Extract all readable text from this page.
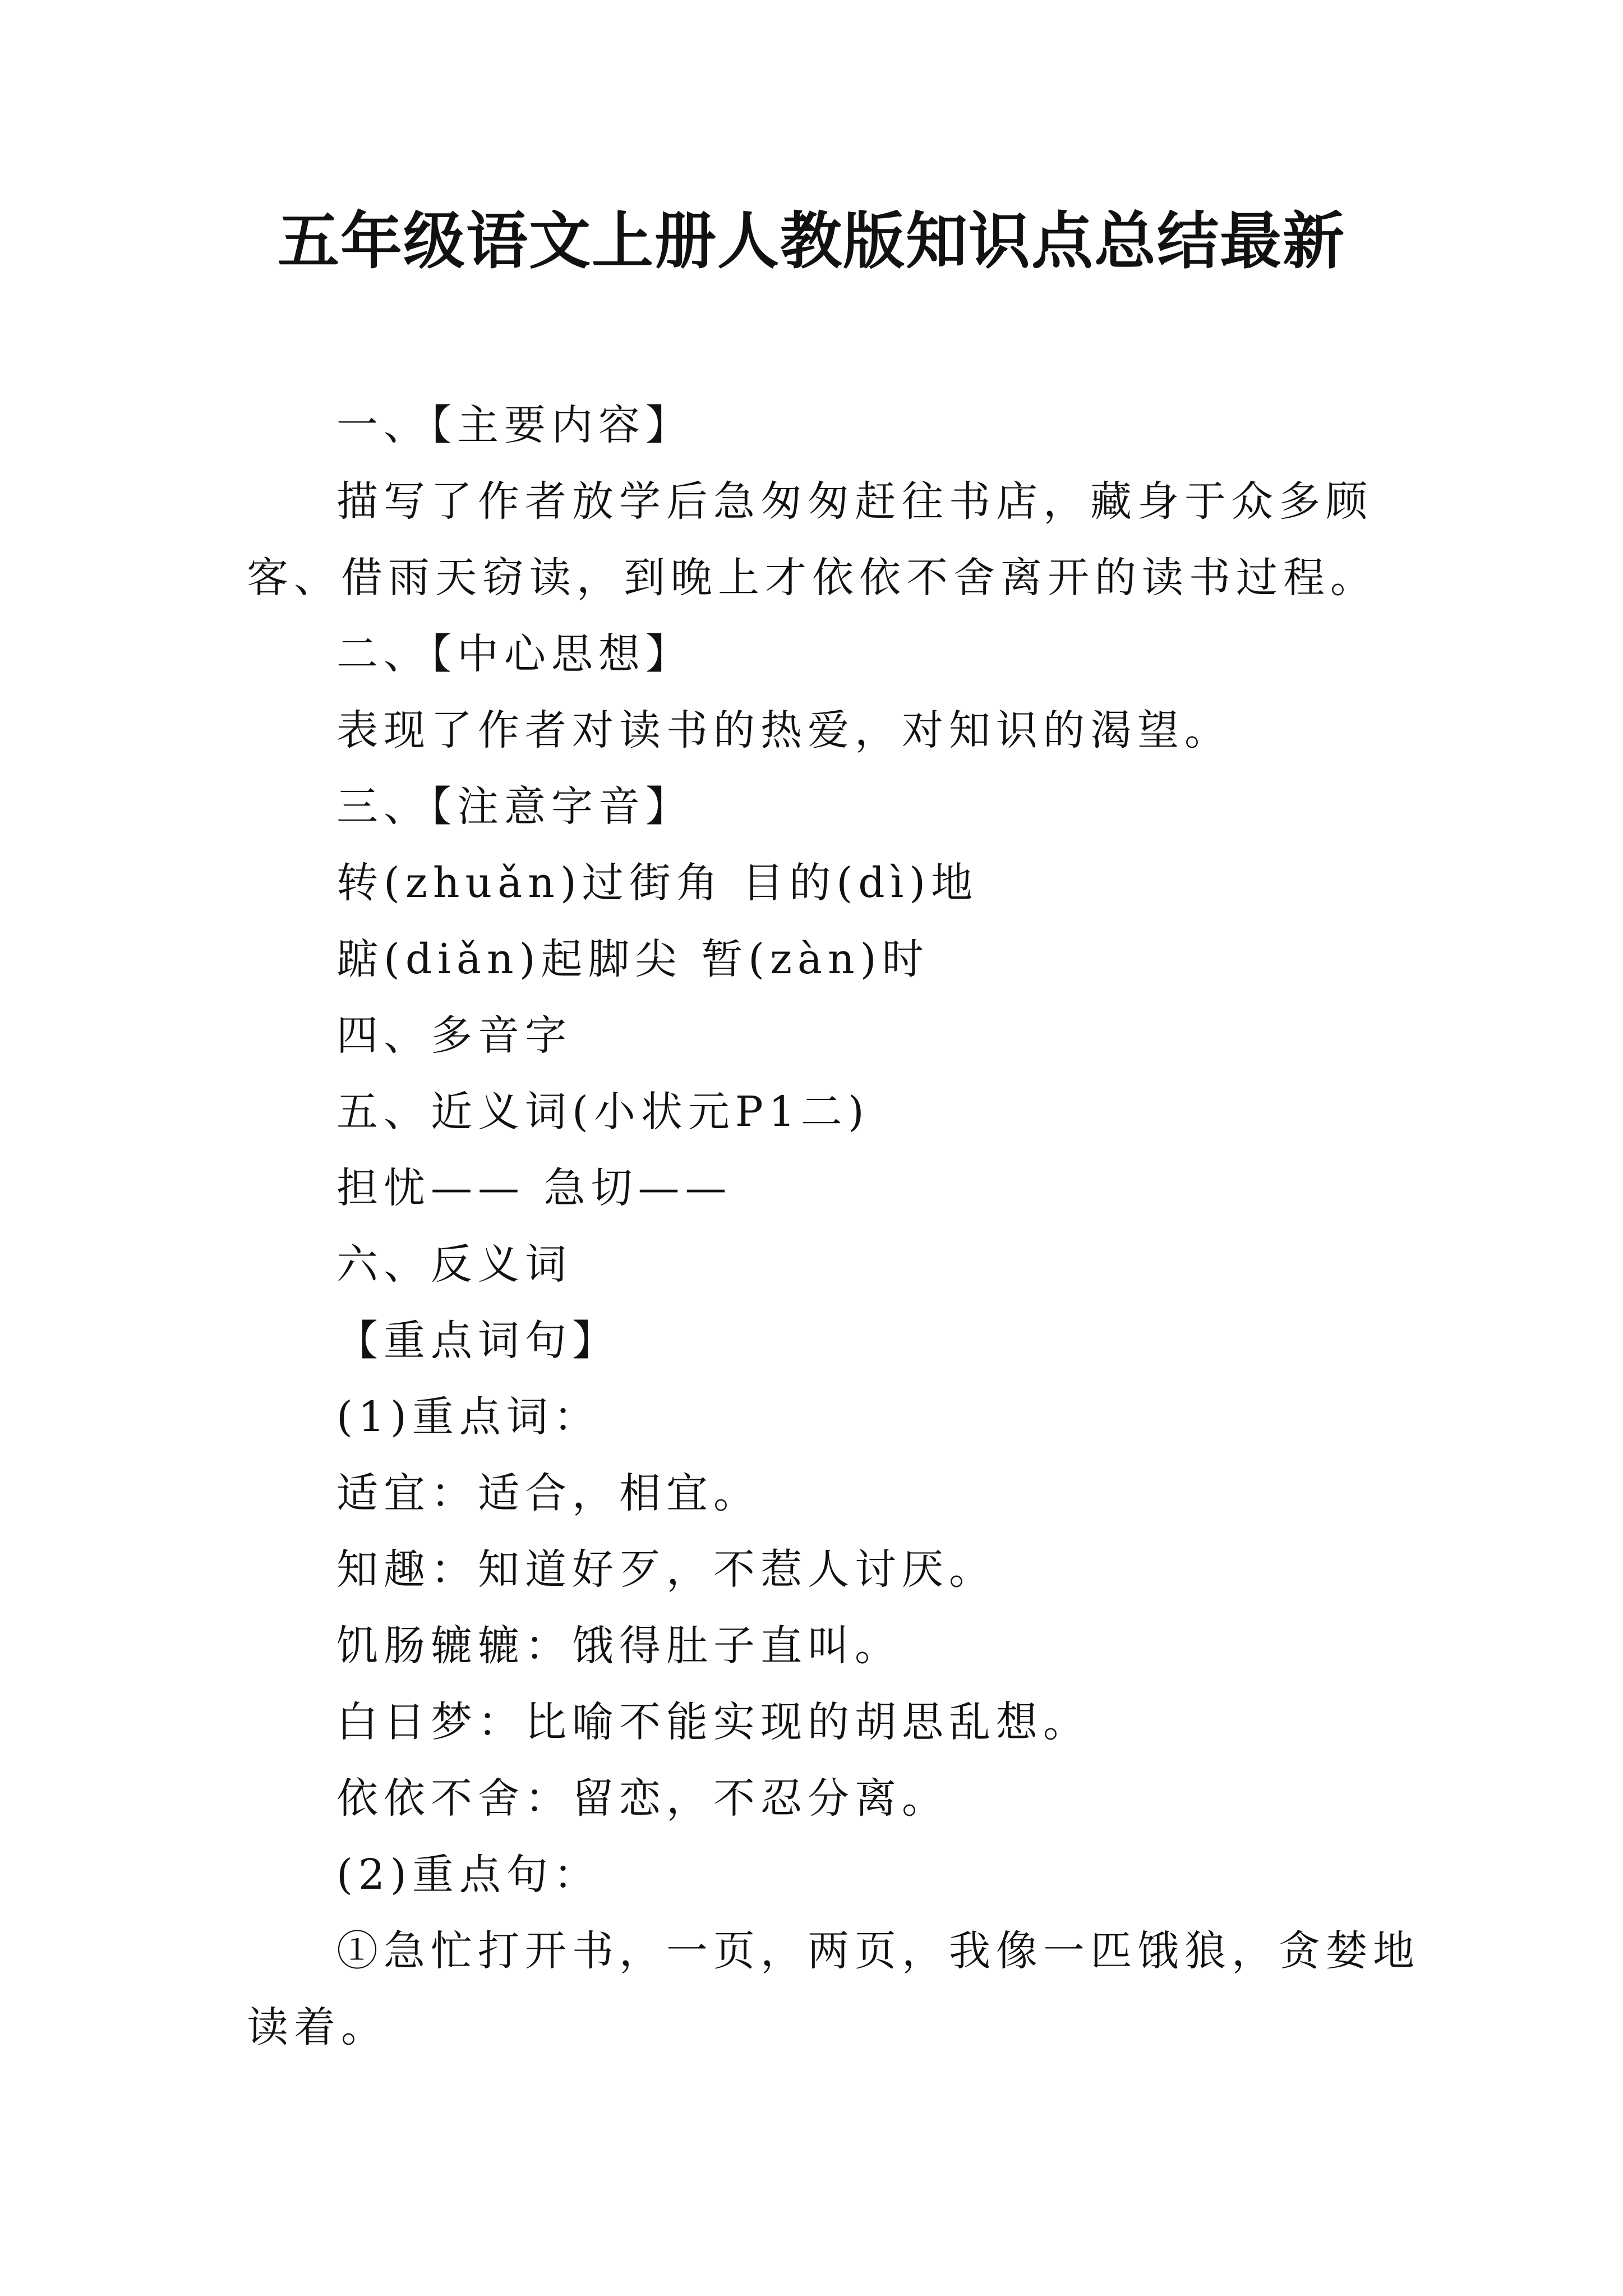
五年级语文上册人教版知识点总结最新

一、【主要内容】

描写了作者放学后急匆匆赶往书店，藏身于众多顾客、借雨天窃读，到晚上才依依不舍离开的读书过程。

二、【中心思想】

表现了作者对读书的热爱，对知识的渴望。

三、【注意字音】

转(zhuǎn)过街角 目的(dì)地

踮(diǎn)起脚尖 暂(zàn)时

四、多音字

五、近义词(小状元P1二)

担忧—— 急切——

六、反义词

【重点词句】

(1)重点词：

适宜：适合，相宜。

知趣：知道好歹，不惹人讨厌。

饥肠辘辘：饿得肚子直叫。

白日梦：比喻不能实现的胡思乱想。

依依不舍：留恋，不忍分离。

(2)重点句：

①急忙打开书，一页，两页，我像一匹饿狼，贪婪地读着。
